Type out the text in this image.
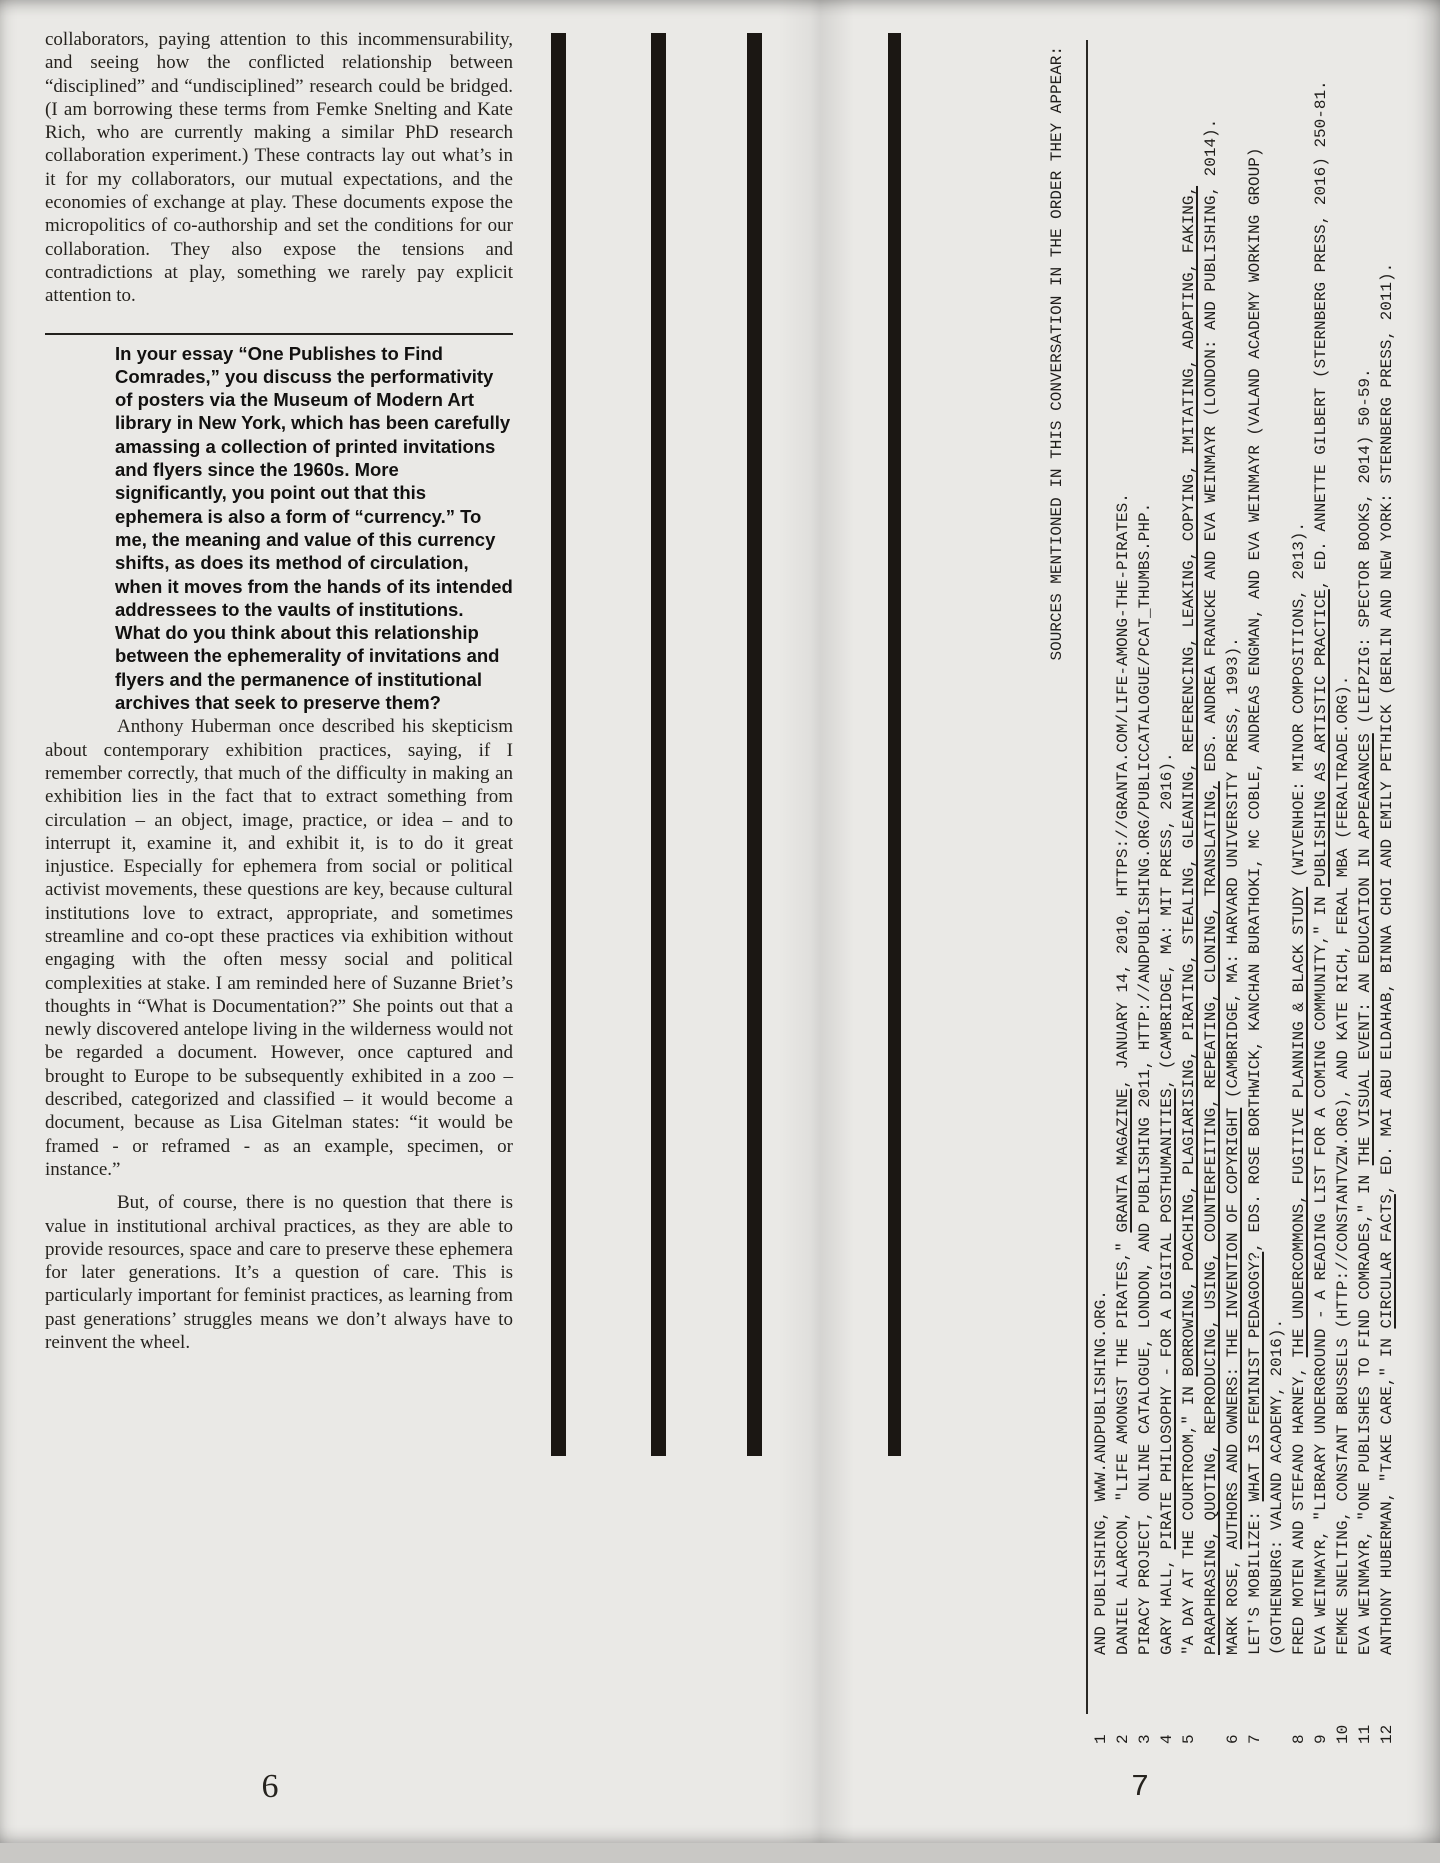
collaborators, paying attention to this incommensurability, and seeing how the conflicted relationship between “disciplined” and “undisciplined” research could be bridged. (I am borrowing these terms from Femke Snelting and Kate Rich, who are currently making a similar PhD research collaboration experiment.) These contracts lay out what’s in it for my collaborators, our mutual expectations, and the economies of exchange at play. These documents expose the micropolitics of co-authorship and set the conditions for our collaboration. They also expose the tensions and contradictions at play, something we rarely pay explicit attention to.

In your essay “One Publishes to Find Comrades,” you discuss the performativity of posters via the Museum of Modern Art library in New York, which has been carefully amassing a collection of printed invitations and flyers since the 1960s. More significantly, you point out that this ephemera is also a form of “currency.” To me, the meaning and value of this currency shifts, as does its method of circulation, when it moves from the hands of its intended addressees to the vaults of institutions. What do you think about this relationship between the ephemerality of invitations and flyers and the permanence of institutional archives that seek to preserve them?

Anthony Huberman once described his skepticism about contemporary exhibition practices, saying, if I remember correctly, that much of the difficulty in making an exhibition lies in the fact that to extract something from circulation – an object, image, practice, or idea – and to interrupt it, examine it, and exhibit it, is to do it great injustice. Especially for ephemera from social or political activist movements, these questions are key, because cultural institutions love to extract, appropriate, and sometimes streamline and co-opt these practices via exhibition without engaging with the often messy social and political complexities at stake. I am reminded here of Suzanne Briet’s thoughts in “What is Documentation?” She points out that a newly discovered antelope living in the wilderness would not be regarded a document. However, once captured and brought to Europe to be subsequently exhibited in a zoo – described, categorized and classified – it would become a document, because as Lisa Gitelman states: “it would be framed - or reframed - as an example, specimen, or instance.”

But, of course, there is no question that there is value in institutional archival practices, as they are able to provide resources, space and care to preserve these ephemera for later generations. It’s a question of care. This is particularly important for feminist practices, as learning from past generations’ struggles means we don’t always have to reinvent the wheel.

SOURCES MENTIONED IN THIS CONVERSATION IN THE ORDER THEY APPEAR:
1
AND PUBLISHING, WWW.ANDPUBLISHING.ORG.
2
DANIEL ALARCON, "LIFE AMONGST THE PIRATES," GRANTA MAGAZINE, JANUARY 14, 2010, HTTPS://GRANTA.COM/LIFE-AMONG-THE-PIRATES.
3
PIRACY PROJECT, ONLINE CATALOGUE, LONDON, AND PUBLISHING 2011, HTTP://ANDPUBLISHING.ORG/PUBLICCATALOGUE/PCAT_THUMBS.PHP.
4
GARY HALL, PIRATE PHILOSOPHY - FOR A DIGITAL POSTHUMANITIES, (CAMBRIDGE, MA: MIT PRESS, 2016).
5
"A DAY AT THE COURTROOM," IN BORROWING, POACHING, PLAGIARISING, PIRATING, STEALING, GLEANING, REFERENCING, LEAKING, COPYING, IMITATING, ADAPTING, FAKING, PARAPHRASING, QUOTING, REPRODUCING, USING, COUNTERFEITING, REPEATING, CLONING, TRANSLATING, EDS. ANDREA FRANCKE AND EVA WEINMAYR (LONDON: AND PUBLISHING, 2014).
6
MARK ROSE, AUTHORS AND OWNERS: THE INVENTION OF COPYRIGHT (CAMBRIDGE, MA: HARVARD UNIVERSITY PRESS, 1993).
7
LET'S MOBILIZE: WHAT IS FEMINIST PEDAGOGY?, EDS. ROSE BORTHWICK, KANCHAN BURATHOKI, MC COBLE, ANDREAS ENGMAN, AND EVA WEINMAYR (VALAND ACADEMY WORKING GROUP)
(GOTHENBURG: VALAND ACADEMY, 2016).
8
FRED MOTEN AND STEFANO HARNEY, THE UNDERCOMMONS, FUGITIVE PLANNING & BLACK STUDY (WIVENHOE: MINOR COMPOSITIONS, 2013).
9
EVA WEINMAYR, "LIBRARY UNDERGROUND - A READING LIST FOR A COMING COMMUNITY," IN PUBLISHING AS ARTISTIC PRACTICE, ED. ANNETTE GILBERT (STERNBERG PRESS, 2016) 250-81.
10
FEMKE SNELTING, CONSTANT BRUSSELS (HTTP://CONSTANTVZW.ORG), AND KATE RICH, FERAL MBA (FERALTRADE.ORG).
11
EVA WEINMAYR, "ONE PUBLISHES TO FIND COMRADES," IN THE VISUAL EVENT: AN EDUCATION IN APPEARANCES (LEIPZIG: SPECTOR BOOKS, 2014) 50-59.
12
ANTHONY HUBERMAN, "TAKE CARE," IN CIRCULAR FACTS, ED. MAI ABU ELDAHAB, BINNA CHOI AND EMILY PETHICK (BERLIN AND NEW YORK: STERNBERG PRESS, 2011).
6	7
